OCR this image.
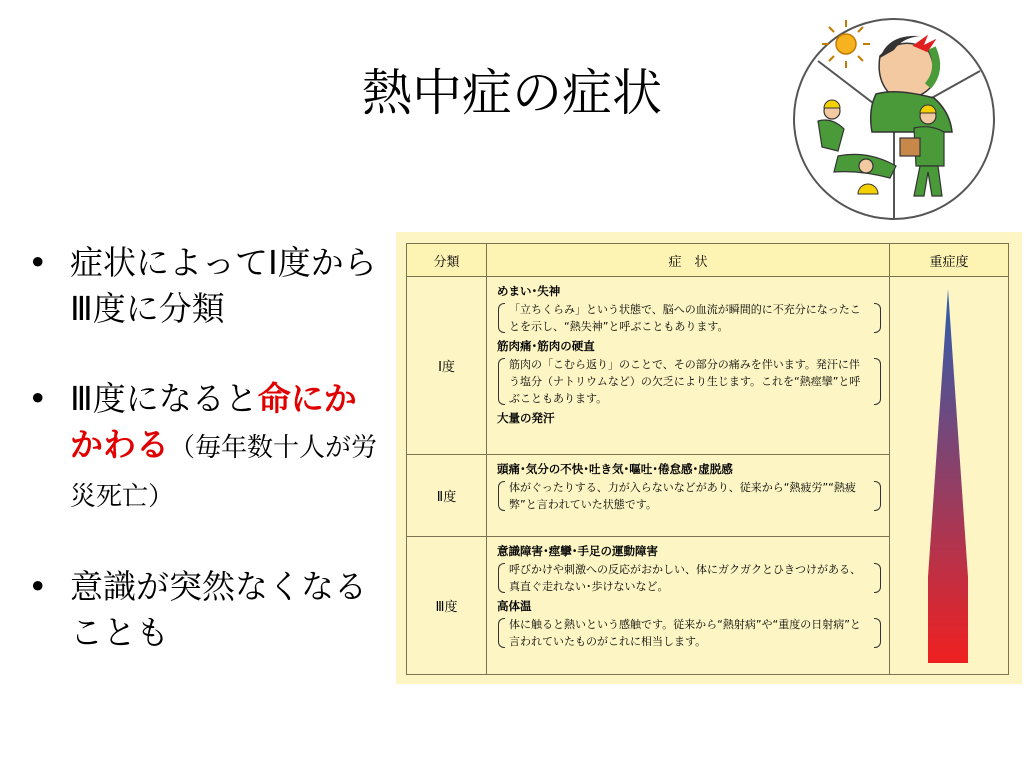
熱中症の症状
• 症状によってⅠ度から Ⅲ度に分類
• Ⅲ度になると命にかかわる（毎年数十人が労災死亡）
• 意識が突然なくなることも
分類	症　状	重症度
Ⅰ度	めまい･失神
「立ちくらみ」という状態で、脳への血流が瞬間的に不充分になったことを示し、“熱失神”と呼ぶこともあります。
筋肉痛･筋肉の硬直
筋肉の「こむら返り」のことで、その部分の痛みを伴います。発汗に伴う塩分（ナトリウムなど）の欠乏により生じます。これを“熱痙攣”と呼ぶこともあります。
大量の発汗

Ⅱ度	頭痛･気分の不快･吐き気･嘔吐･倦怠感･虚脱感
体がぐったりする、力が入らないなどがあり、従来から“熱疲労”“熱疲弊”と言われていた状態です。	

Ⅲ度	意識障害･痙攣･手足の運動障害
呼びかけや刺激への反応がおかしい、体にガクガクとひきつけがある、真直ぐ走れない･歩けないなど。
高体温
体に触ると熱いという感触です。従来から“熱射病”や“重度の日射病”と言われていたものがこれに相当します。	
